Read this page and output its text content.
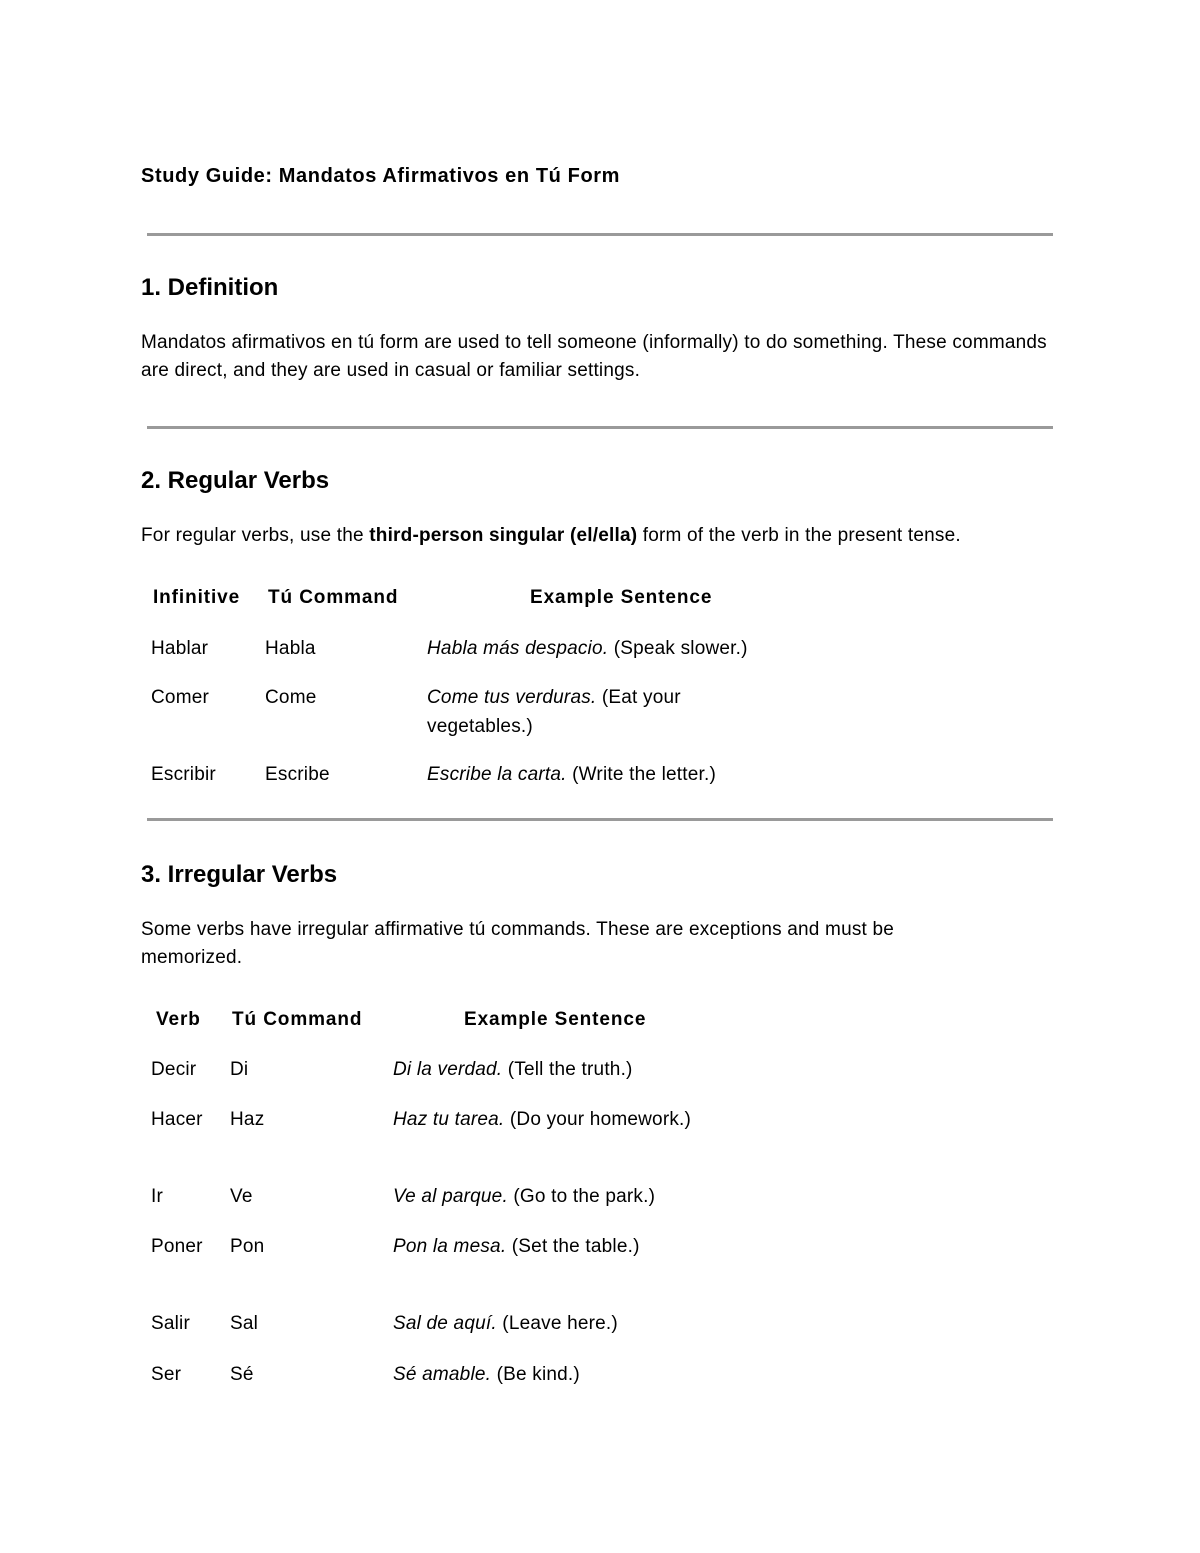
Study Guide: Mandatos Afirmativos en Tú Form
1. Definition
Mandatos afirmativos en tú form are used to tell someone (informally) to do something. These commands are direct, and they are used in casual or familiar settings.
2. Regular Verbs
For regular verbs, use the third-person singular (el/ella) form of the verb in the present tense.
Infinitive Tú Command	Example Sentence
Hablar	Habla	Habla más despacio. (Speak slower.)
Comer	Come	Come tus verduras. (Eat your vegetables.)
Escribir	Escribe	Escribe la carta. (Write the letter.)
3. Irregular Verbs
Some verbs have irregular affirmative tú commands. These are exceptions and must be memorized.
Verb Tú Command	Example Sentence
Decir	Di	Di la verdad. (Tell the truth.)
Hacer Haz	Haz tu tarea. (Do your homework.)
Ir	Ve	Ve al parque. (Go to the park.)
Poner Pon	Pon la mesa. (Set the table.)
Salir	Sal	Sal de aquí. (Leave here.)
Ser	Sé	Sé amable. (Be kind.)
